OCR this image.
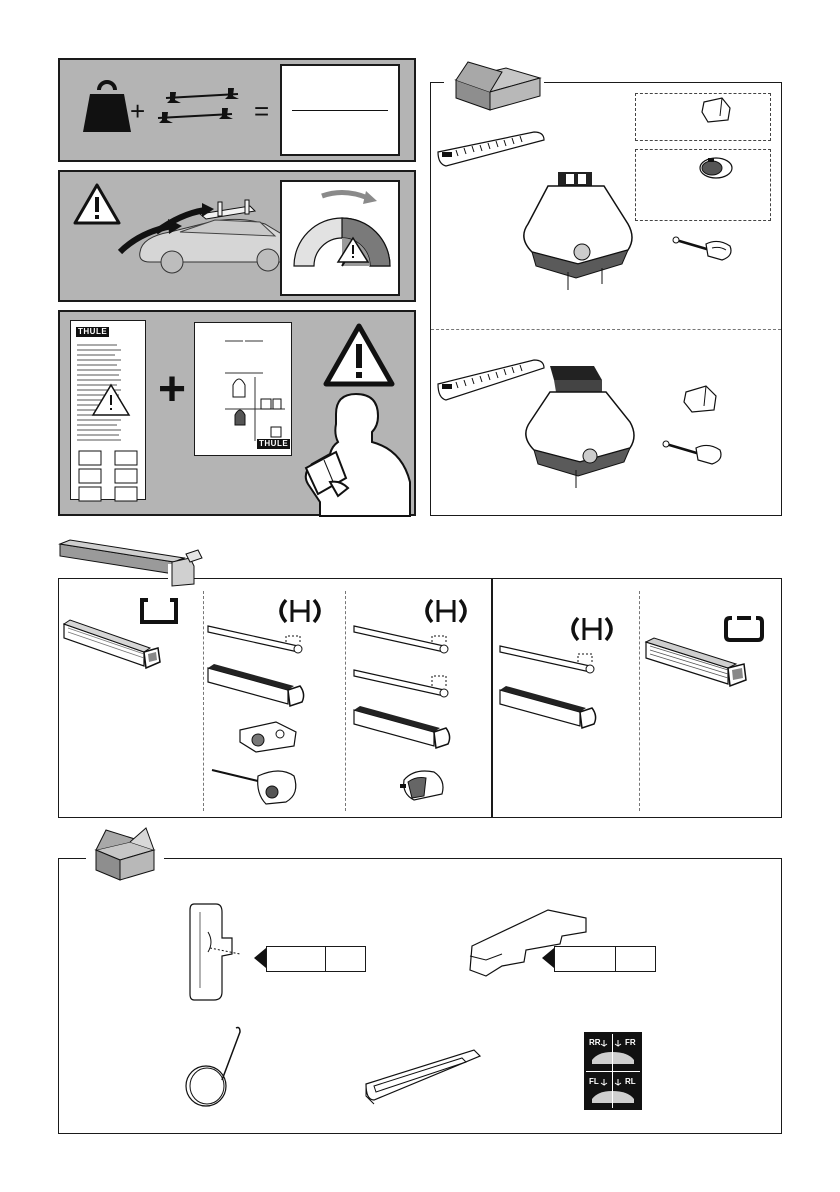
+	=
THULE
+
THULE
RR	FR
FL	RL
